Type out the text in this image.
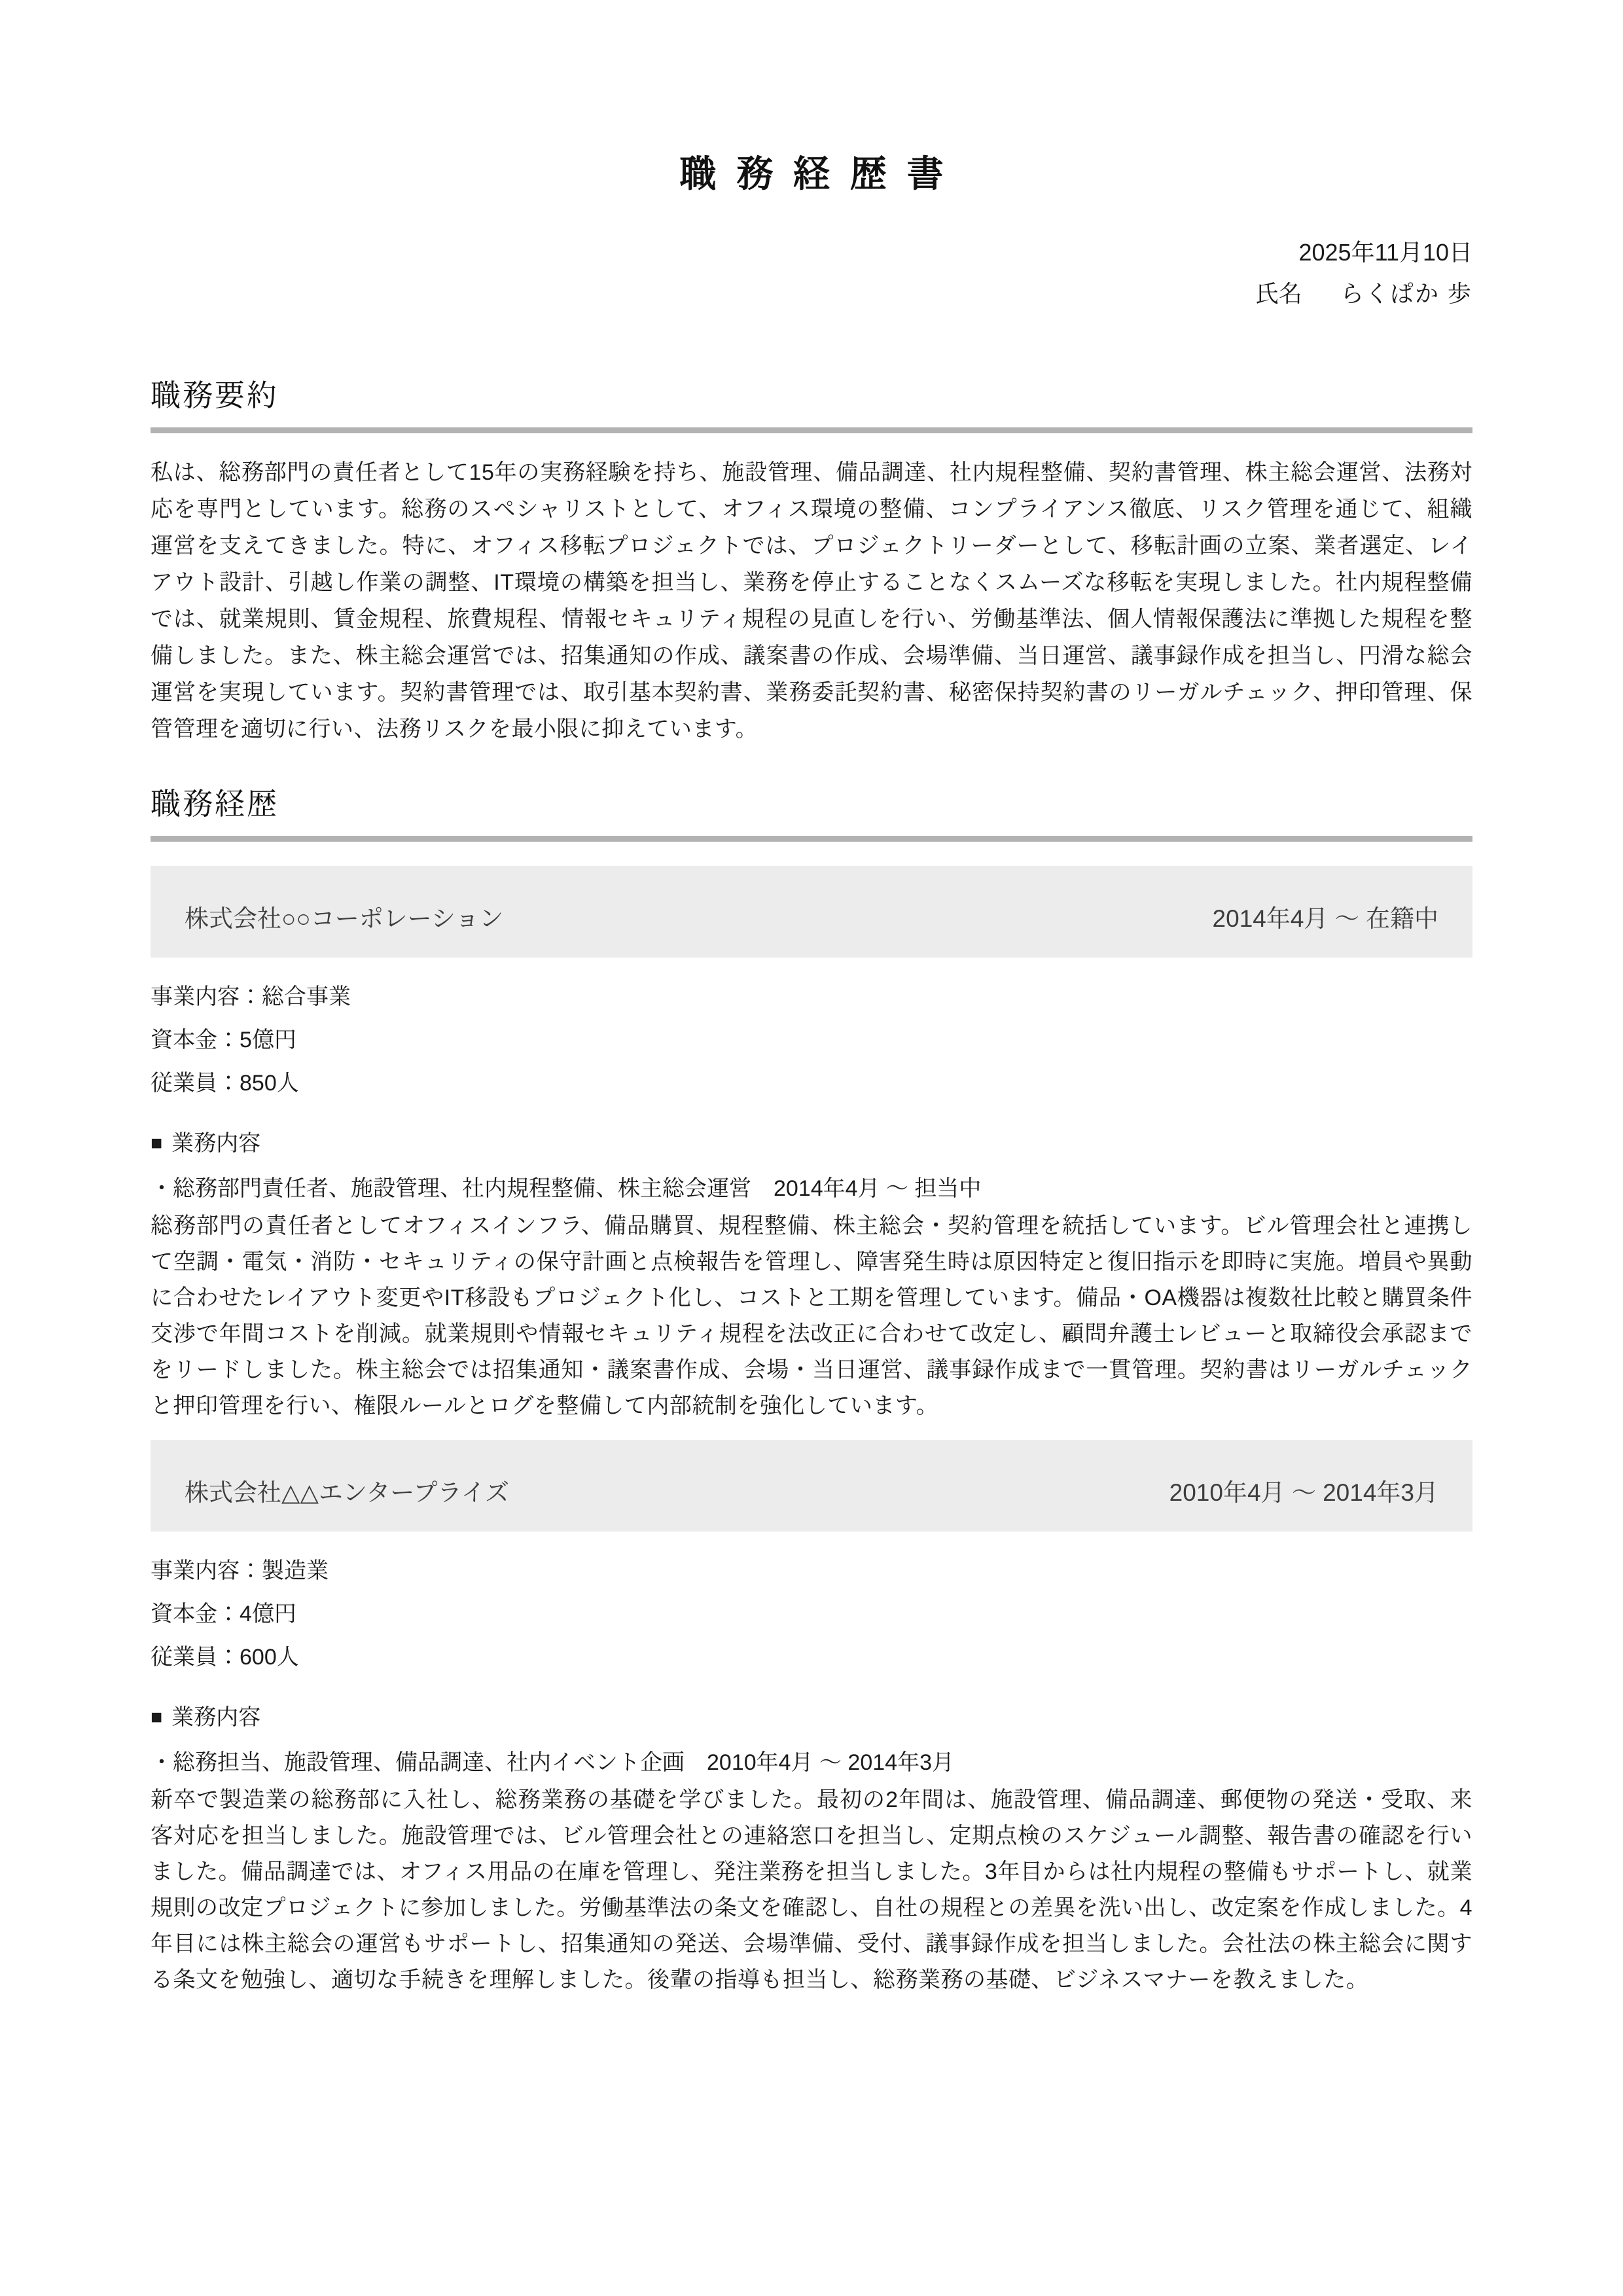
職務経歴書
2025年11月10日
氏名 らくぱか 歩
職務要約

私は、総務部門の責任者として15年の実務経験を持ち、施設管理、備品調達、社内規程整備、契約書管理、株主総会運営、法務対応を専門としています。総務のスペシャリストとして、オフィス環境の整備、コンプライアンス徹底、リスク管理を通じて、組織運営を支えてきました。特に、オフィス移転プロジェクトでは、プロジェクトリーダーとして、移転計画の立案、業者選定、レイアウト設計、引越し作業の調整、IT環境の構築を担当し、業務を停止することなくスムーズな移転を実現しました。社内規程整備では、就業規則、賃金規程、旅費規程、情報セキュリティ規程の見直しを行い、労働基準法、個人情報保護法に準拠した規程を整備しました。また、株主総会運営では、招集通知の作成、議案書の作成、会場準備、当日運営、議事録作成を担当し、円滑な総会運営を実現しています。契約書管理では、取引基本契約書、業務委託契約書、秘密保持契約書のリーガルチェック、押印管理、保管管理を適切に行い、法務リスクを最小限に抑えています。

職務経歴
株式会社○○コーポレーション	2014年4月 〜 在籍中
事業内容：総合事業
資本金：5億円
従業員：850人
■ 業務内容
・総務部門責任者、施設管理、社内規程整備、株主総会運営　2014年4月 〜 担当中

総務部門の責任者としてオフィスインフラ、備品購買、規程整備、株主総会・契約管理を統括しています。ビル管理会社と連携して空調・電気・消防・セキュリティの保守計画と点検報告を管理し、障害発生時は原因特定と復旧指示を即時に実施。増員や異動に合わせたレイアウト変更やIT移設もプロジェクト化し、コストと工期を管理しています。備品・OA機器は複数社比較と購買条件交渉で年間コストを削減。就業規則や情報セキュリティ規程を法改正に合わせて改定し、顧問弁護士レビューと取締役会承認までをリードしました。株主総会では招集通知・議案書作成、会場・当日運営、議事録作成まで一貫管理。契約書はリーガルチェックと押印管理を行い、権限ルールとログを整備して内部統制を強化しています。

株式会社△△エンタープライズ	2010年4月 〜 2014年3月
事業内容：製造業
資本金：4億円
従業員：600人
■ 業務内容
・総務担当、施設管理、備品調達、社内イベント企画　2010年4月 〜 2014年3月

新卒で製造業の総務部に入社し、総務業務の基礎を学びました。最初の2年間は、施設管理、備品調達、郵便物の発送・受取、来客対応を担当しました。施設管理では、ビル管理会社との連絡窓口を担当し、定期点検のスケジュール調整、報告書の確認を行いました。備品調達では、オフィス用品の在庫を管理し、発注業務を担当しました。3年目からは社内規程の整備もサポートし、就業規則の改定プロジェクトに参加しました。労働基準法の条文を確認し、自社の規程との差異を洗い出し、改定案を作成しました。4年目には株主総会の運営もサポートし、招集通知の発送、会場準備、受付、議事録作成を担当しました。会社法の株主総会に関する条文を勉強し、適切な手続きを理解しました。後輩の指導も担当し、総務業務の基礎、ビジネスマナーを教えました。
